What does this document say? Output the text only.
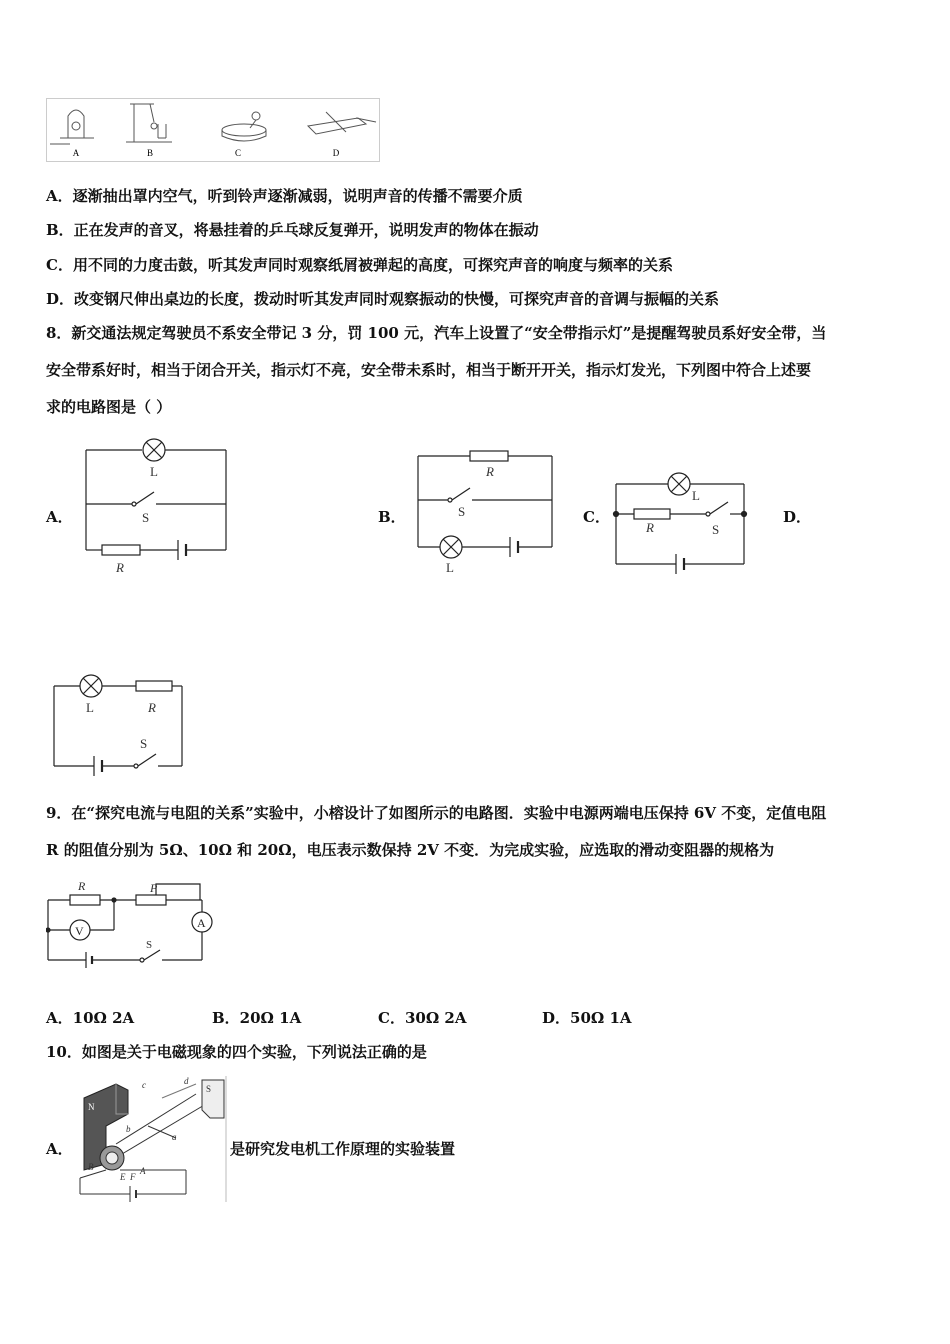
A	B	C	D
A．逐渐抽出罩内空气，听到铃声逐渐减弱，说明声音的传播不需要介质
B．正在发声的音叉，将悬挂着的乒乓球反复弹开，说明发声的物体在振动
C．用不同的力度击鼓，听其发声同时观察纸屑被弹起的高度，可探究声音的响度与频率的关系
D．改变钢尺伸出桌边的长度，拨动时听其发声同时观察振动的快慢，可探究声音的音调与振幅的关系
8．新交通法规定驾驶员不系安全带记 3 分，罚 100 元，汽车上设置了“安全带指示灯”是提醒驾驶员系好安全带，当
安全带系好时，相当于闭合开关，指示灯不亮，安全带未系时，相当于断开开关，指示灯发光，下列图中符合上述要
求的电路图是（ ）
A．	B．	C．	D．
L
S
R
R
S
L
L
R	S
L	R
S
9．在“探究电流与电阻的关系”实验中，小榕设计了如图所示的电路图．实验中电源两端电压保持 6V 不变，定值电阻
R 的阻值分别为 5Ω、10Ω 和 20Ω，电压表示数保持 2V 不变．为完成实验，应选取的滑动变阻器的规格为
R	P
A
V
S
A．10Ω 2A	B．20Ω 1A	C．30Ω 2A	D．50Ω 1A
10．如图是关于电磁现象的四个实验，下列说法正确的是
A．
N
S
c	d
a
b
B
E F
A
是研究发电机工作原理的实验装置
